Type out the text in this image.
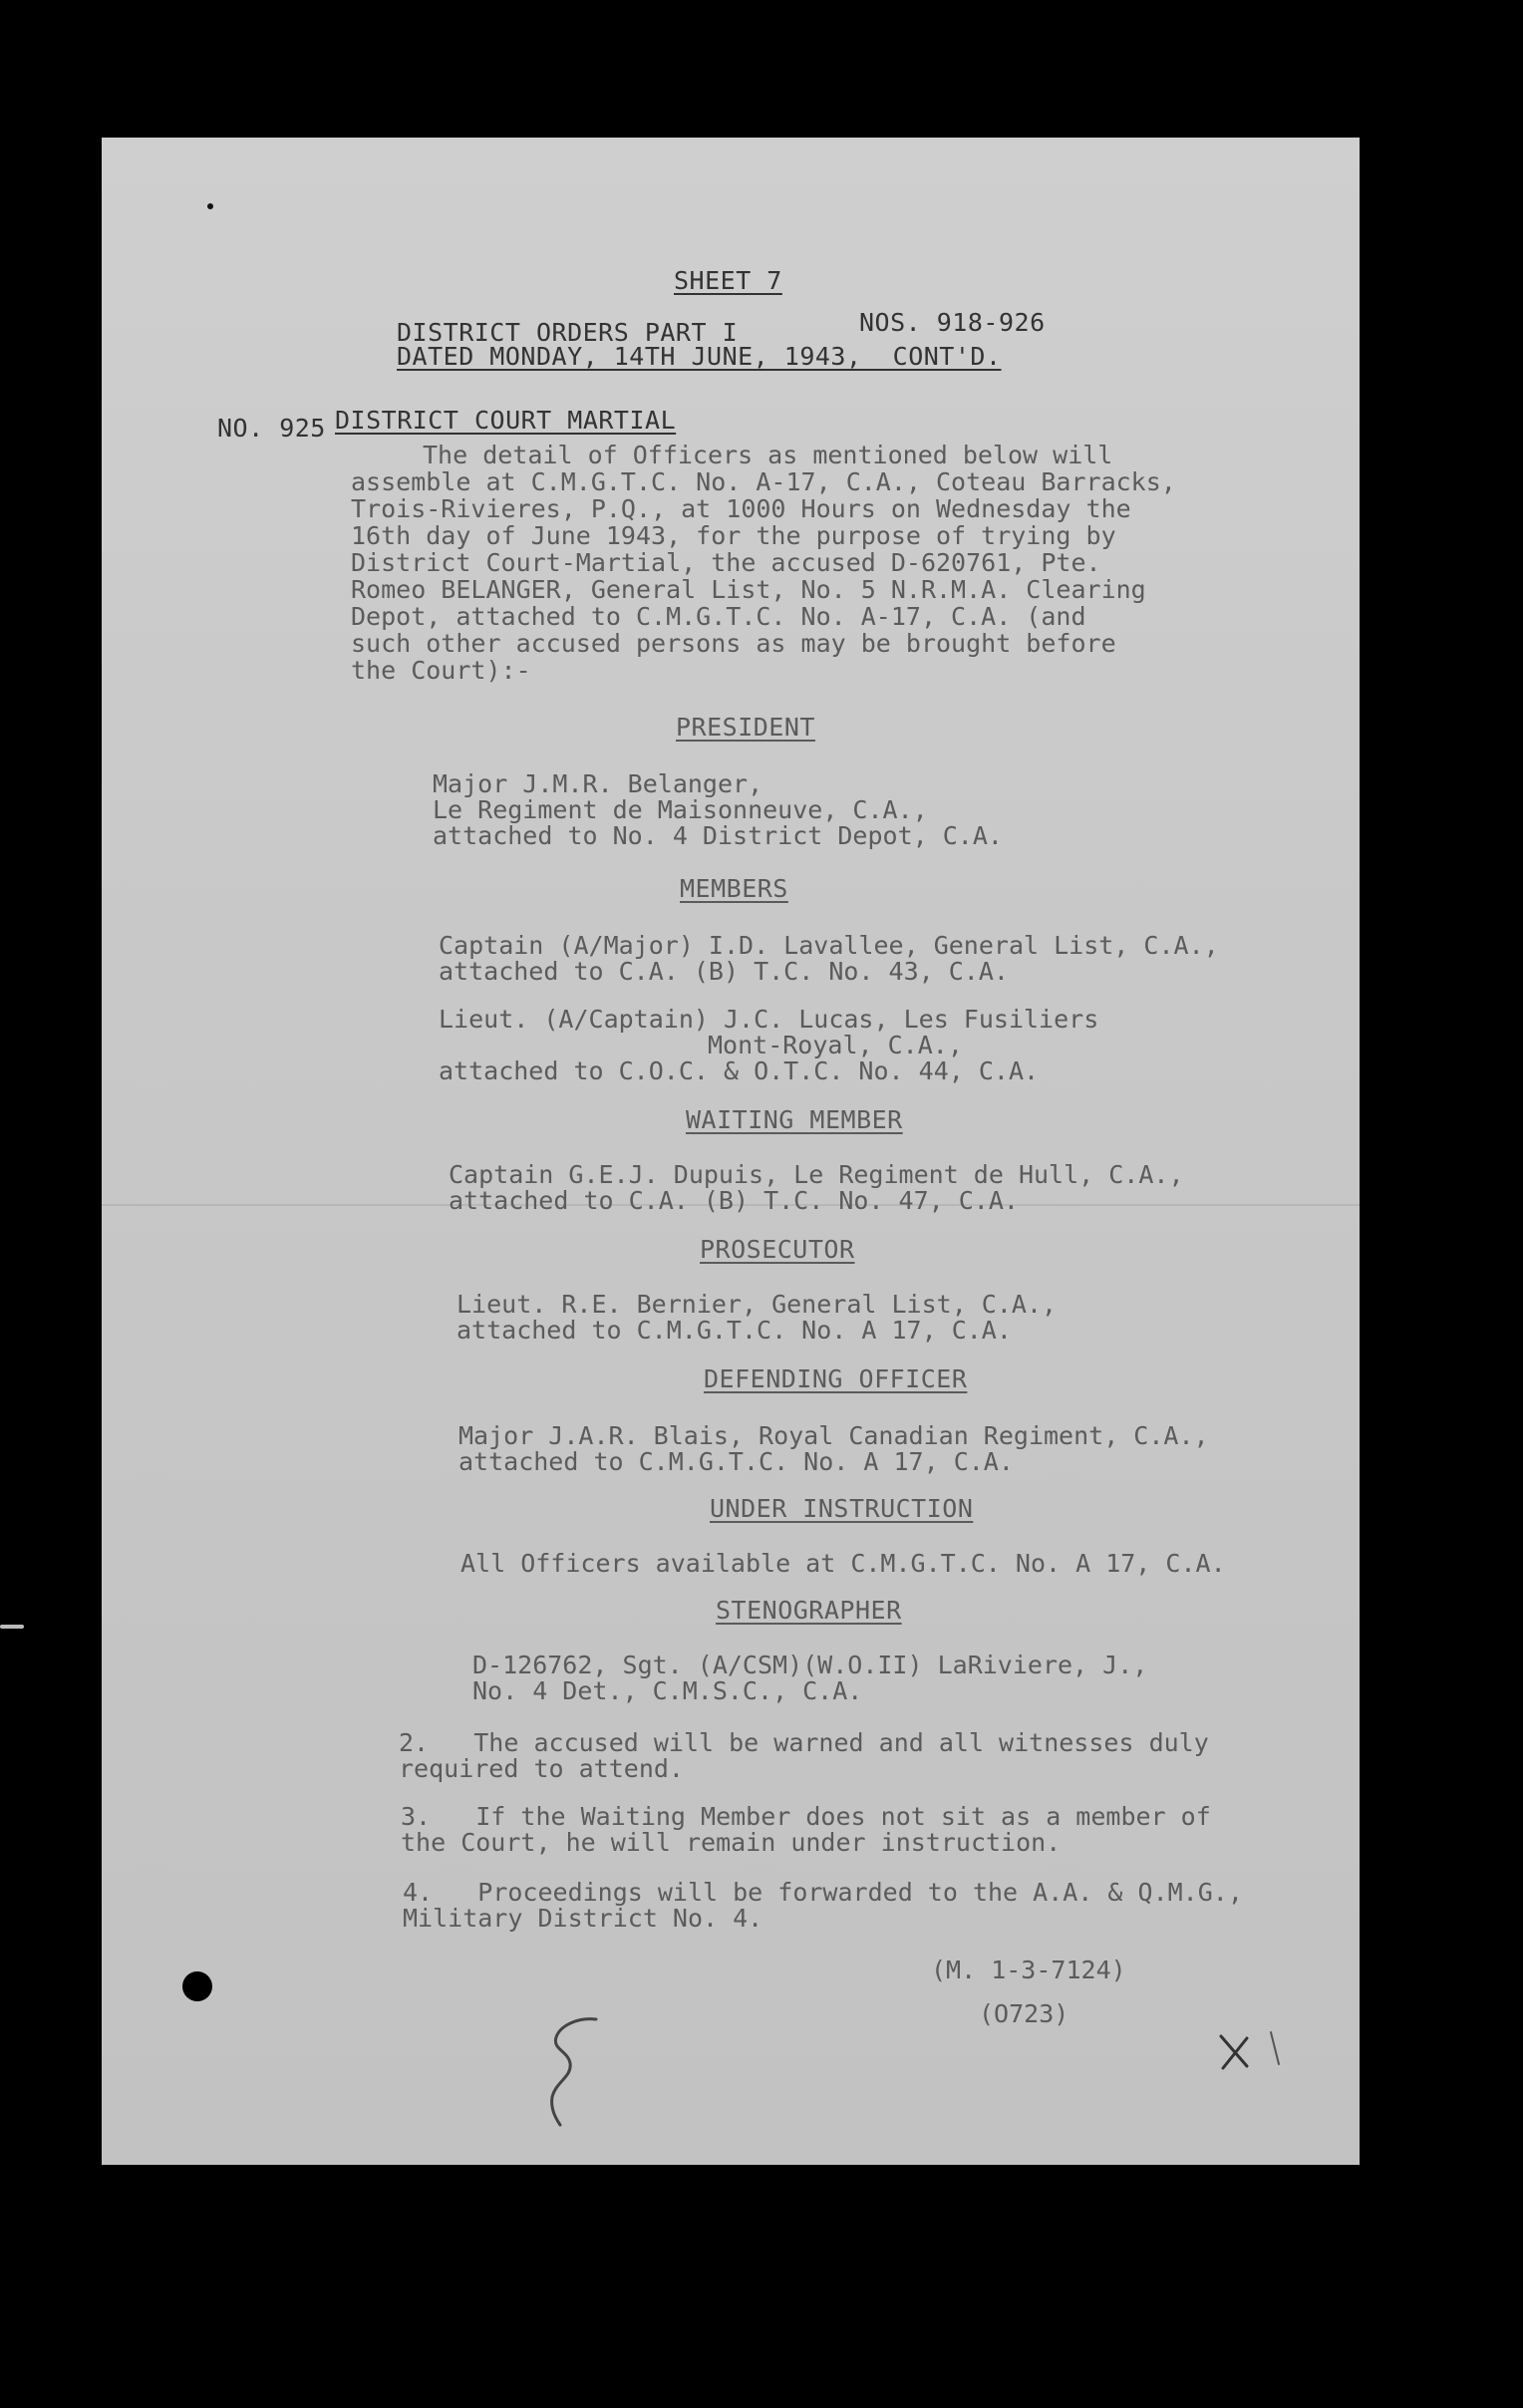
SHEET 7
DISTRICT ORDERS PART I	NOS. 918-926
DATED MONDAY, 14TH JUNE, 1943,  CONT'D.
NO. 925 DISTRICT COURT MARTIAL
The detail of Officers as mentioned below will
assemble at C.M.G.T.C. No. A-17, C.A., Coteau Barracks,
Trois-Rivieres, P.Q., at 1000 Hours on Wednesday the
16th day of June 1943, for the purpose of trying by
District Court-Martial, the accused D-620761, Pte.
Romeo BELANGER, General List, No. 5 N.R.M.A. Clearing
Depot, attached to C.M.G.T.C. No. A-17, C.A. (and
such other accused persons as may be brought before
the Court):-
PRESIDENT
Major J.M.R. Belanger,
Le Regiment de Maisonneuve, C.A.,
attached to No. 4 District Depot, C.A.
MEMBERS
Captain (A/Major) I.D. Lavallee, General List, C.A.,
attached to C.A. (B) T.C. No. 43, C.A.
Lieut. (A/Captain) J.C. Lucas, Les Fusiliers
Mont-Royal, C.A.,
attached to C.O.C. & O.T.C. No. 44, C.A.
WAITING MEMBER
Captain G.E.J. Dupuis, Le Regiment de Hull, C.A.,
attached to C.A. (B) T.C. No. 47, C.A.
PROSECUTOR
Lieut. R.E. Bernier, General List, C.A.,
attached to C.M.G.T.C. No. A 17, C.A.
DEFENDING OFFICER
Major J.A.R. Blais, Royal Canadian Regiment, C.A.,
attached to C.M.G.T.C. No. A 17, C.A.
UNDER INSTRUCTION
All Officers available at C.M.G.T.C. No. A 17, C.A.
STENOGRAPHER
D-126762, Sgt. (A/CSM)(W.O.II) LaRiviere, J.,
No. 4 Det., C.M.S.C., C.A.
2.   The accused will be warned and all witnesses duly
required to attend.
3.   If the Waiting Member does not sit as a member of
the Court, he will remain under instruction.
4.   Proceedings will be forwarded to the A.A. & Q.M.G.,
Military District No. 4.
(M. 1-3-7124)
(O723)
